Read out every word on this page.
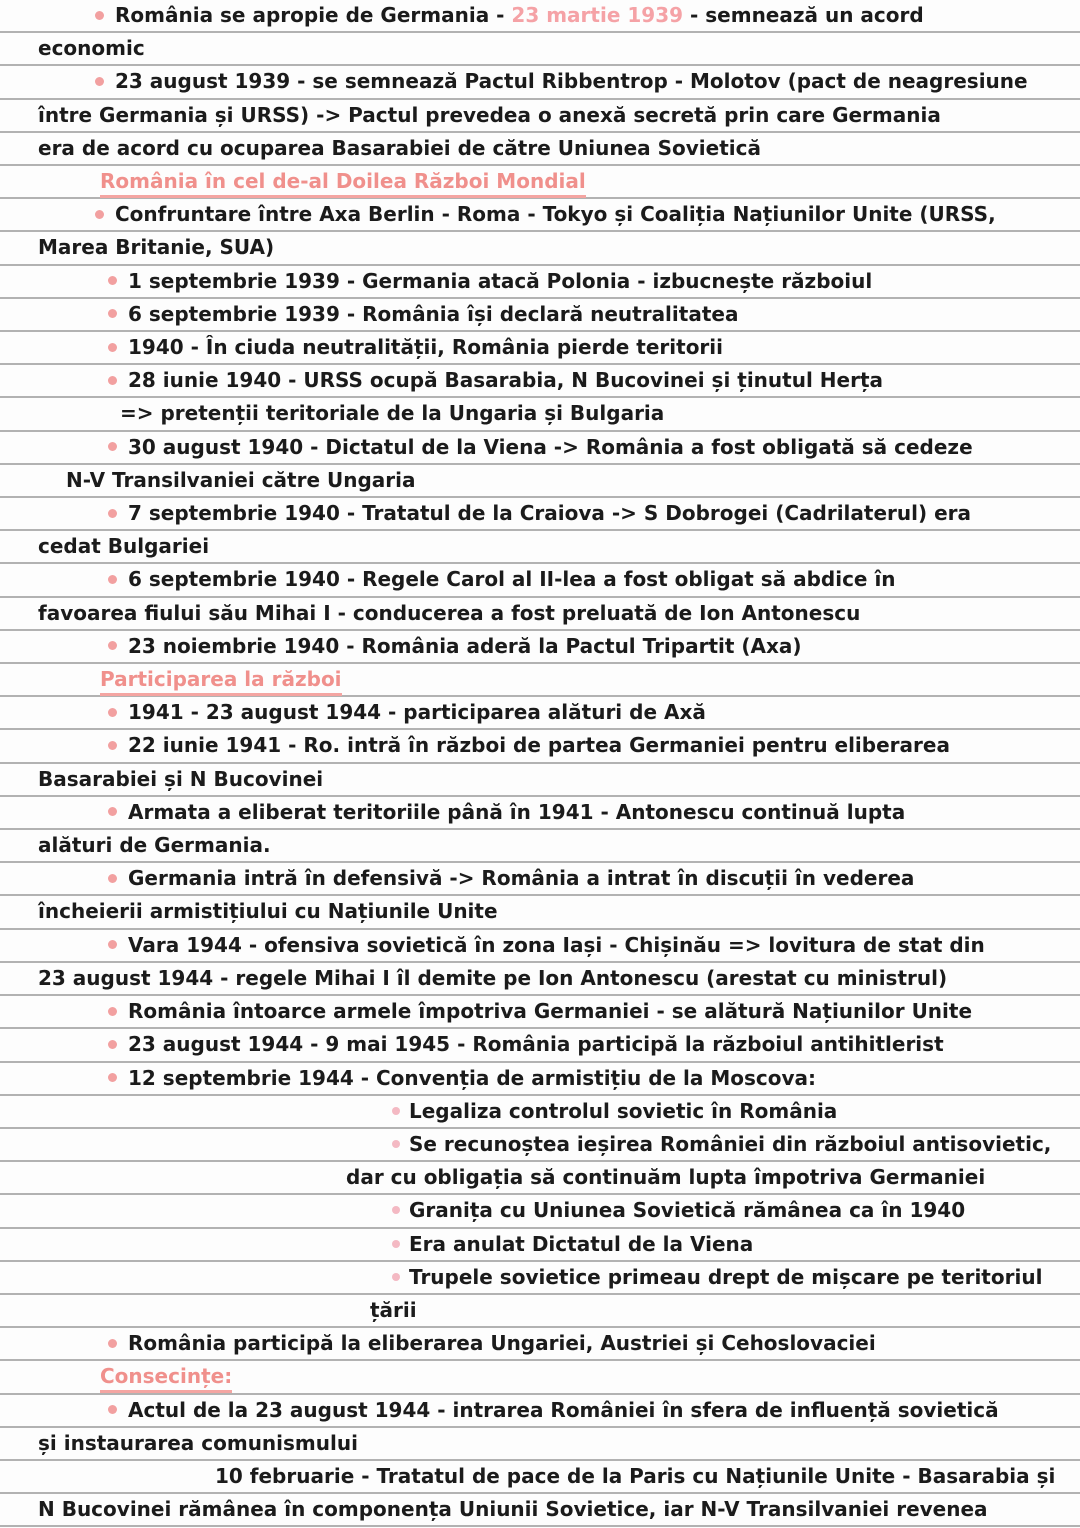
România se apropie de Germania - 23 martie 1939 - semnează un acord
economic
23 august 1939 - se semnează Pactul Ribbentrop - Molotov (pact de neagresiune
între Germania și URSS) -> Pactul prevedea o anexă secretă prin care Germania
era de acord cu ocuparea Basarabiei de către Uniunea Sovietică
România în cel de-al Doilea Război Mondial
Confruntare între Axa Berlin - Roma - Tokyo și Coaliția Națiunilor Unite (URSS,
Marea Britanie, SUA)
1 septembrie 1939 - Germania atacă Polonia - izbucnește războiul
6 septembrie 1939 - România își declară neutralitatea
1940 - În ciuda neutralității, România pierde teritorii
28 iunie 1940 - URSS ocupă Basarabia, N Bucovinei și ținutul Herța
=> pretenții teritoriale de la Ungaria și Bulgaria
30 august 1940 - Dictatul de la Viena -> România a fost obligată să cedeze
N-V Transilvaniei către Ungaria
7 septembrie 1940 - Tratatul de la Craiova -> S Dobrogei (Cadrilaterul) era
cedat Bulgariei
6 septembrie 1940 - Regele Carol al II-lea a fost obligat să abdice în
favoarea fiului său Mihai I - conducerea a fost preluată de Ion Antonescu
23 noiembrie 1940 - România aderă la Pactul Tripartit (Axa)
Participarea la război
1941 - 23 august 1944 - participarea alături de Axă
22 iunie 1941 - Ro. intră în război de partea Germaniei pentru eliberarea
Basarabiei și N Bucovinei
Armata a eliberat teritoriile până în 1941 - Antonescu continuă lupta
alături de Germania.
Germania intră în defensivă -> România a intrat în discuții în vederea
încheierii armistițiului cu Națiunile Unite
Vara 1944 - ofensiva sovietică în zona Iași - Chișinău => lovitura de stat din
23 august 1944 - regele Mihai I îl demite pe Ion Antonescu (arestat cu ministrul)
România întoarce armele împotriva Germaniei - se alătură Națiunilor Unite
23 august 1944 - 9 mai 1945 - România participă la războiul antihitlerist
12 septembrie 1944 - Convenția de armistițiu de la Moscova:
Legaliza controlul sovietic în România
Se recunoștea ieșirea României din războiul antisovietic,
dar cu obligația să continuăm lupta împotriva Germaniei
Granița cu Uniunea Sovietică rămânea ca în 1940
Era anulat Dictatul de la Viena
Trupele sovietice primeau drept de mișcare pe teritoriul
țării
România participă la eliberarea Ungariei, Austriei și Cehoslovaciei
Consecințe:
Actul de la 23 august 1944 - intrarea României în sfera de influență sovietică
și instaurarea comunismului
10 februarie - Tratatul de pace de la Paris cu Națiunile Unite - Basarabia și
N Bucovinei rămânea în componența Uniunii Sovietice, iar N-V Transilvaniei revenea
